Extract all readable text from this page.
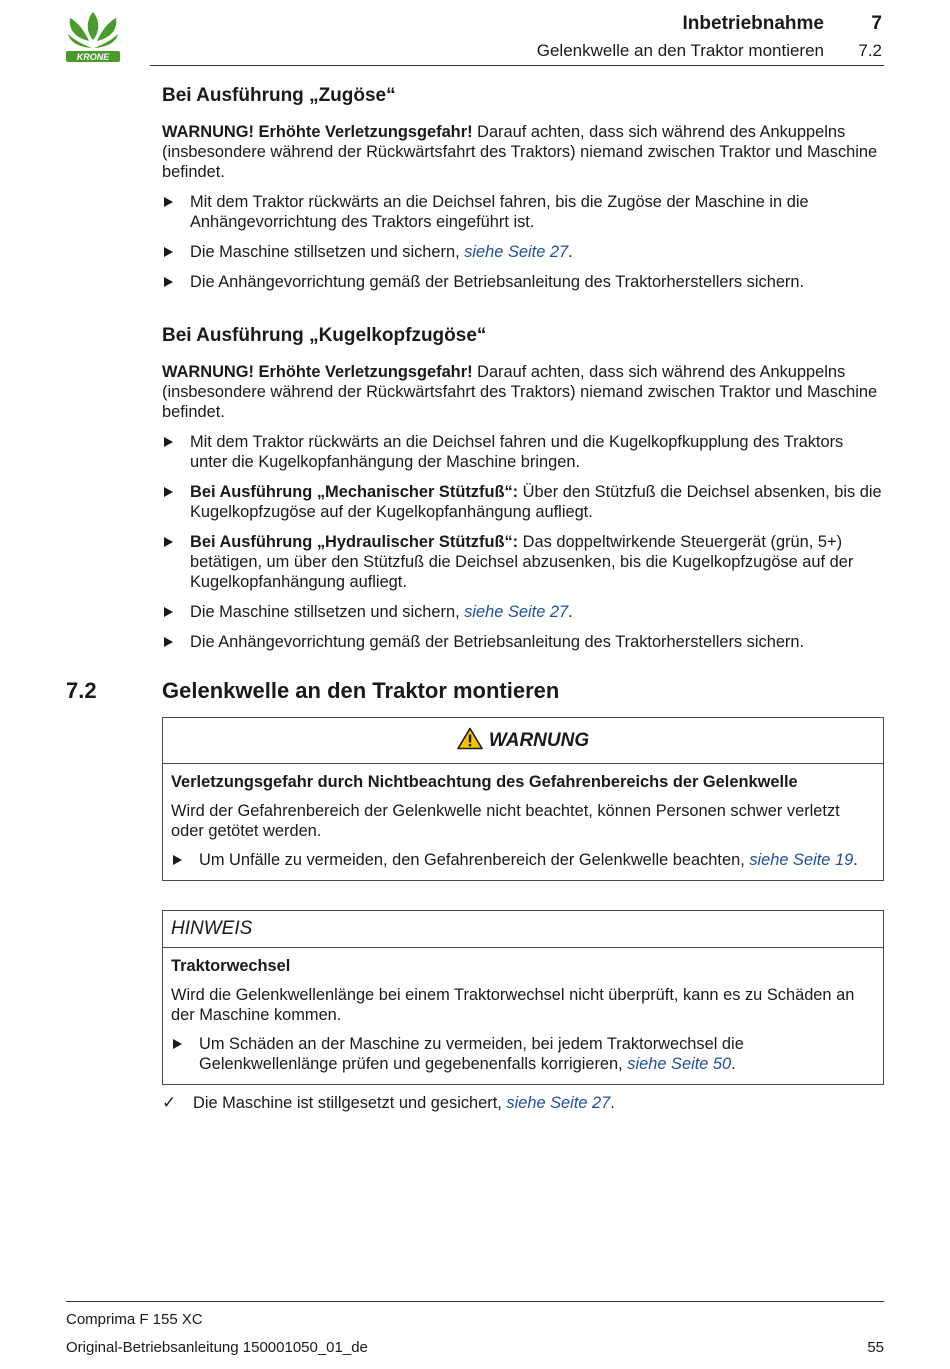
KRONE
Inbetriebnahme 7
Gelenkwelle an den Traktor montieren 7.2
Bei Ausführung „Zugöse“

WARNUNG! Erhöhte Verletzungsgefahr! Darauf achten, dass sich während des Ankuppelns (insbesondere während der Rückwärtsfahrt des Traktors) niemand zwischen Traktor und Maschine befindet.

Mit dem Traktor rückwärts an die Deichsel fahren, bis die Zugöse der Maschine in die Anhängevorrichtung des Traktors eingeführt ist.
Die Maschine stillsetzen und sichern, siehe Seite 27.
Die Anhängevorrichtung gemäß der Betriebsanleitung des Traktorherstellers sichern.
Bei Ausführung „Kugelkopfzugöse“

WARNUNG! Erhöhte Verletzungsgefahr! Darauf achten, dass sich während des Ankuppelns (insbesondere während der Rückwärtsfahrt des Traktors) niemand zwischen Traktor und Maschine befindet.

Mit dem Traktor rückwärts an die Deichsel fahren und die Kugelkopfkupplung des Traktors unter die Kugelkopfanhängung der Maschine bringen.
Bei Ausführung „Mechanischer Stützfuß“: Über den Stützfuß die Deichsel absenken, bis die Kugelkopfzugöse auf der Kugelkopfanhängung aufliegt.
Bei Ausführung „Hydraulischer Stützfuß“: Das doppeltwirkende Steuergerät (grün, 5+) betätigen, um über den Stützfuß die Deichsel abzusenken, bis die Kugelkopfzugöse auf der Kugelkopfanhängung aufliegt.
Die Maschine stillsetzen und sichern, siehe Seite 27.
Die Anhängevorrichtung gemäß der Betriebsanleitung des Traktorherstellers sichern.
7.2	Gelenkwelle an den Traktor montieren
WARNUNG

Verletzungsgefahr durch Nichtbeachtung des Gefahrenbereichs der Gelenkwelle

Wird der Gefahrenbereich der Gelenkwelle nicht beachtet, können Personen schwer verletzt oder getötet werden.

Um Unfälle zu vermeiden, den Gefahrenbereich der Gelenkwelle beachten, siehe Seite 19.
HINWEIS

Traktorwechsel

Wird die Gelenkwellenlänge bei einem Traktorwechsel nicht überprüft, kann es zu Schäden an der Maschine kommen.

Um Schäden an der Maschine zu vermeiden, bei jedem Traktorwechsel die Gelenkwellenlänge prüfen und gegebenenfalls korrigieren, siehe Seite 50.
✓ Die Maschine ist stillgesetzt und gesichert, siehe Seite 27.
Comprima F 155 XC
Original-Betriebsanleitung 150001050_01_de	55
